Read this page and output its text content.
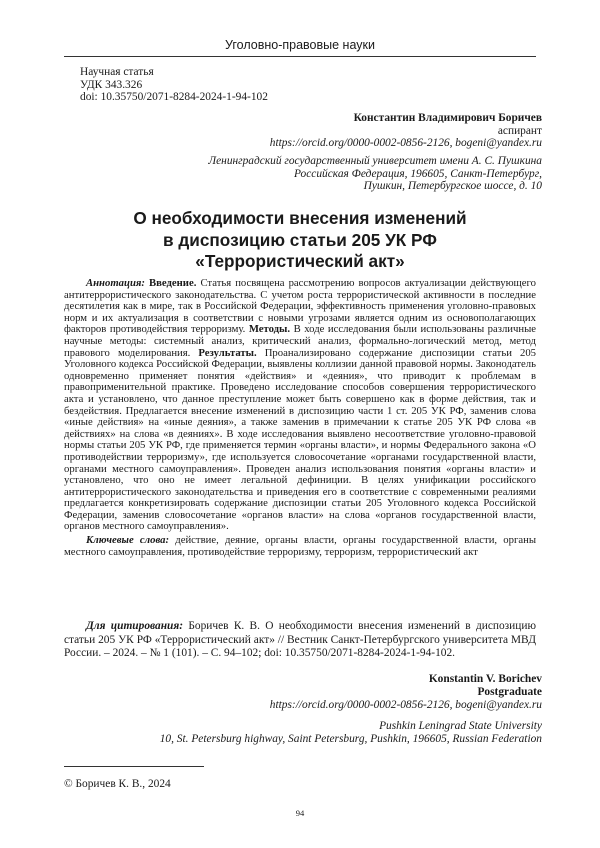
Уголовно-правовые науки
Научная статья
УДК 343.326
doi: 10.35750/2071-8284-2024-1-94-102
Константин Владимирович Боричев
аспирант
https://orcid.org/0000-0002-0856-2126, bogeni@yandex.ru
Ленинградский государственный университет имени А. С. Пушкина
Российская Федерация, 196605, Санкт-Петербург,
Пушкин, Петербургское шоссе, д. 10
О необходимости внесения изменений
в диспозицию статьи 205 УК РФ
«Террористический акт»

Аннотация: Введение. Статья посвящена рассмотрению вопросов актуализации действующего антитеррористического законодательства. С учетом роста террористической активности в последние десятилетия как в мире, так в Российской Федерации, эффективность применения уголовно-правовых норм и их актуализация в соответствии с новыми угрозами является одним из основополагающих факторов противодействия терроризму. Методы. В ходе исследования были использованы различные научные методы: системный анализ, критический анализ, формально-логический метод, метод правового моделирования. Результаты. Проанализировано содержание диспозиции статьи 205 Уголовного кодекса Российской Федерации, выявлены коллизии данной правовой нормы. Законодатель одновременно применяет понятия «действия» и «деяния», что приводит к проблемам в правоприменительной практике. Проведено исследование способов совершения террористического акта и установлено, что данное преступление может быть совершено как в форме действия, так и бездействия. Предлагается внесение изменений в диспозицию части 1 ст. 205 УК РФ, заменив слова «иные действия» на «иные деяния», а также заменив в примечании к статье 205 УК РФ слова «в действиях» на слова «в деяниях». В ходе исследования выявлено несоответствие уголовно-правовой нормы статьи 205 УК РФ, где применяется термин «органы власти», и нормы Федерального закона «О противодействии терроризму», где используется словосочетание «органами государственной власти, органами местного самоуправления». Проведен анализ использования понятия «органы власти» и установлено, что оно не имеет легальной дефиниции. В целях унификации российского антитеррористического законодательства и приведения его в соответствие с современными реалиями предлагается конкретизировать содержание диспозиции статьи 205 Уголовного кодекса Российской Федерации, заменив словосочетание «органов власти» на слова «органов государственной власти, органов местного самоуправления».

Ключевые слова: действие, деяние, органы власти, органы государственной власти, органы местного самоуправления, противодействие терроризму, терроризм, террористический акт

Для цитирования: Боричев К. В. О необходимости внесения изменений в диспозицию статьи 205 УК РФ «Террористический акт» // Вестник Санкт-Петербургского университета МВД России. – 2024. – № 1 (101). – С. 94–102; doi: 10.35750/2071-8284-2024-1-94-102.

Konstantin V. Borichev
Postgraduate
https://orcid.org/0000-0002-0856-2126, bogeni@yandex.ru
Pushkin Leningrad State University
10, St. Petersburg highway, Saint Petersburg, Pushkin, 196605, Russian Federation
© Боричев К. В., 2024
94
